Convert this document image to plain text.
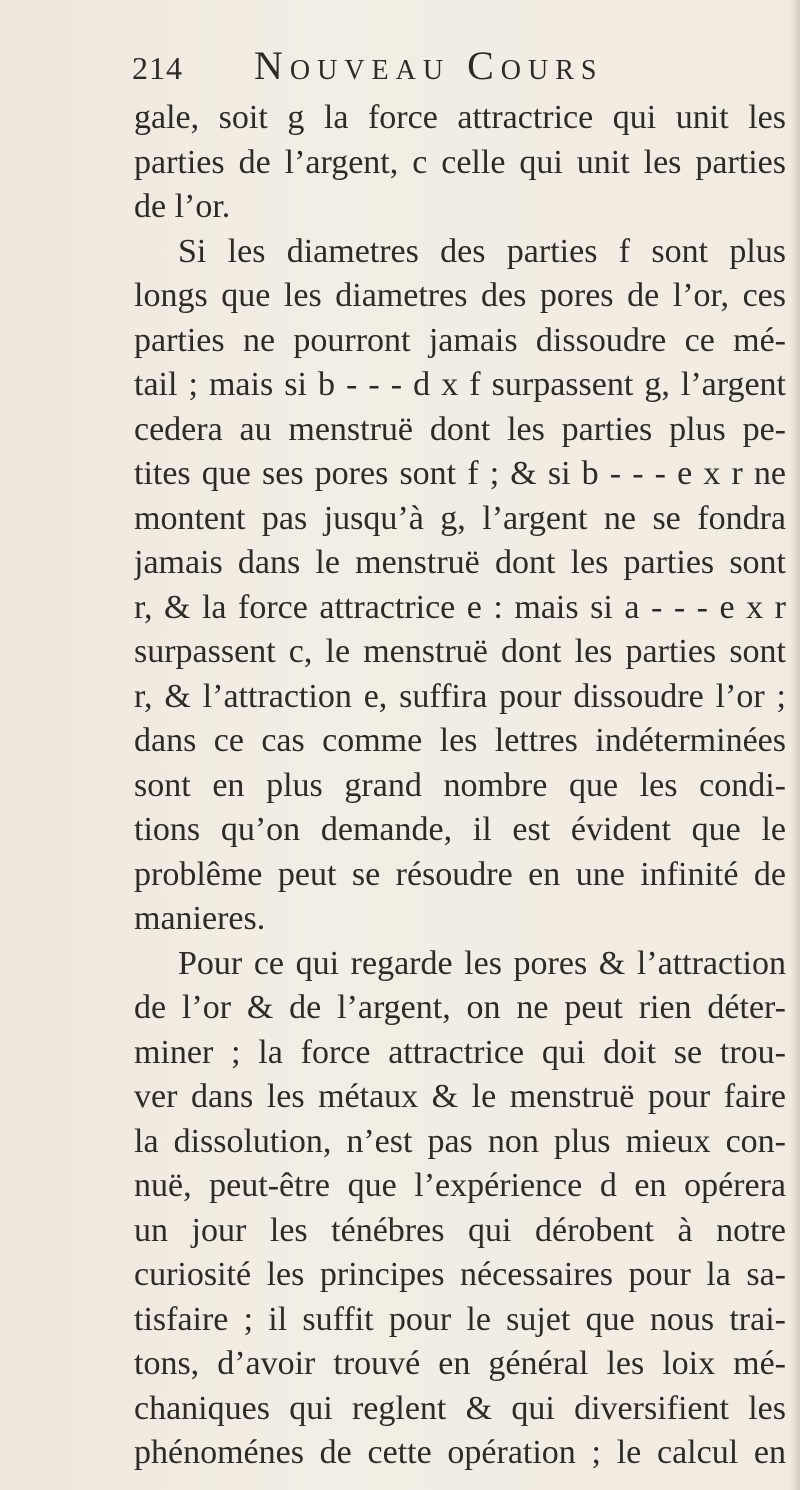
214 Nouveau Cours
gale, soit g la force attractrice qui unit les
parties de l’argent, c celle qui unit les parties
de l’or.
Si les diametres des parties f sont plus
longs que les diametres des pores de l’or, ces
parties ne pourront jamais dissoudre ce mé-
tail ; mais si b - - - d x f surpassent g, l’argent
cedera au menstruë dont les parties plus pe-
tites que ses pores sont f ; & si b - - - e x r ne
montent pas jusqu’à g, l’argent ne se fondra
jamais dans le menstruë dont les parties sont
r, & la force attractrice e : mais si a - - - e x r
surpassent c, le menstruë dont les parties sont
r, & l’attraction e, suffira pour dissoudre l’or ;
dans ce cas comme les lettres indéterminées
sont en plus grand nombre que les condi-
tions qu’on demande, il est évident que le
problême peut se résoudre en une infinité de
manieres.
Pour ce qui regarde les pores & l’attraction
de l’or & de l’argent, on ne peut rien déter-
miner ; la force attractrice qui doit se trou-
ver dans les métaux & le menstruë pour faire
la dissolution, n’est pas non plus mieux con-
nuë, peut-être que l’expérience d en opérera
un jour les ténébres qui dérobent à notre
curiosité les principes nécessaires pour la sa-
tisfaire ; il suffit pour le sujet que nous trai-
tons, d’avoir trouvé en général les loix mé-
chaniques qui reglent & qui diversifient les
phénoménes de cette opération ; le calcul en
